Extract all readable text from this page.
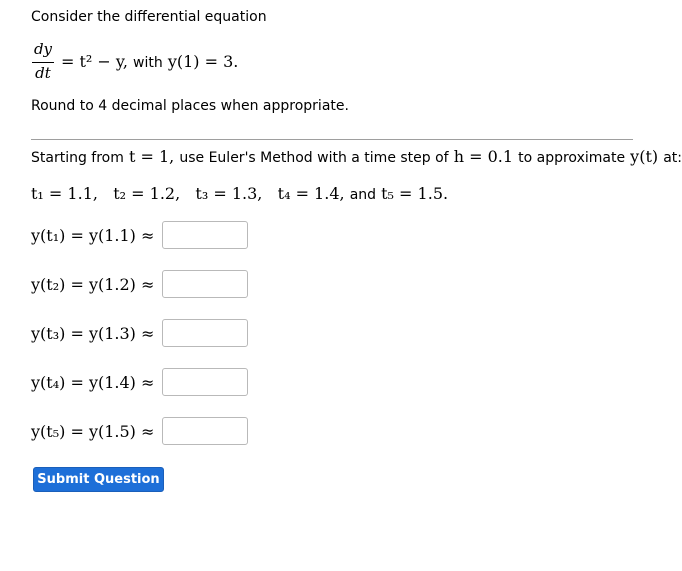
Consider the differential equation
dy
dt
= t² − y, with y(1) = 3.
Round to 4 decimal places when appropriate.
Starting from t = 1, use Euler's Method with a time step of h = 0.1 to approximate y(t) at:
t₁ = 1.1,   t₂ = 1.2,   t₃ = 1.3,   t₄ = 1.4, and t₅ = 1.5.
y(t₁) = y(1.1) ≈
y(t₂) = y(1.2) ≈
y(t₃) = y(1.3) ≈
y(t₄) = y(1.4) ≈
y(t₅) = y(1.5) ≈
Submit Question
